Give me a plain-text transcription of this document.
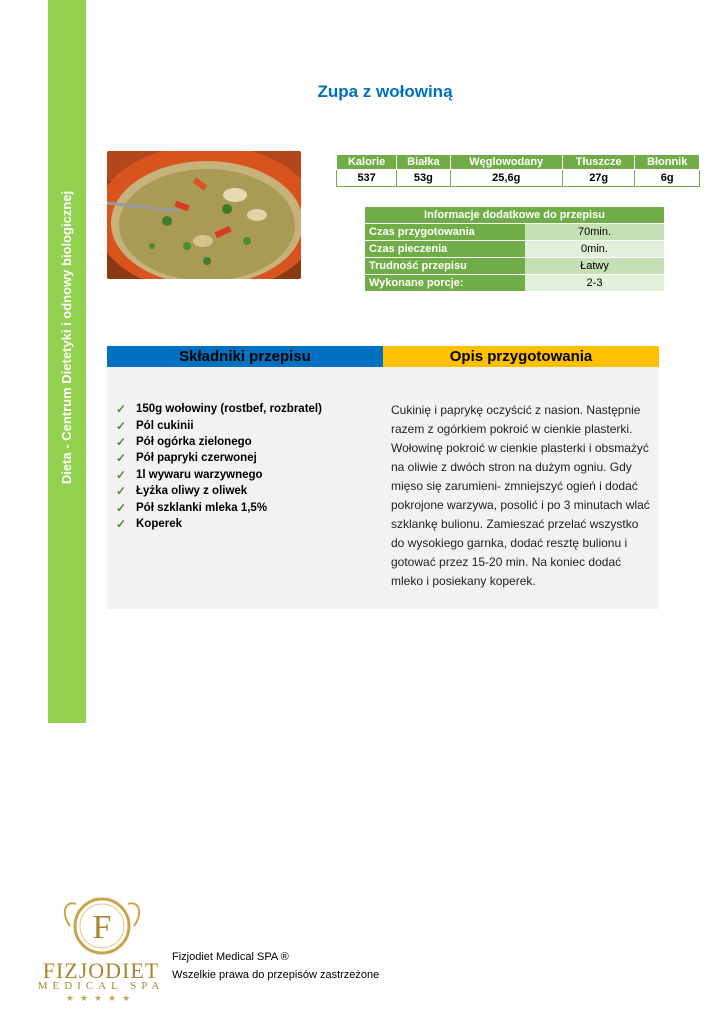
Dieta - Centrum Dietetyki i odnowy biologicznej
Zupa z wołowiną
Kalorie	Białka	Węglowodany	Tłuszcze	Błonnik
537	53g	25,6g	27g	6g
Informacje dodatkowe do przepisu	
Czas przygotowania	70min.
Czas pieczenia	0min.
Trudność przepisu	Łatwy
Wykonane porcje:	2-3
Składniki przepisu	Opis przygotowania
✓ 150g wołowiny (rostbef, rozbratel)
✓ Pól cukinii
✓ Pół ogórka zielonego
✓ Pół papryki czerwonej
✓ 1l wywaru warzywnego
✓ Łyżka oliwy z oliwek
✓ Pół szklanki mleka 1,5%
✓ Koperek

Cukinię i paprykę oczyścić z nasion. Następnie razem z ogórkiem pokroić w cienkie plasterki. Wołowinę pokroić w cienkie plasterki i obsmażyć na oliwie z dwóch stron na dużym ogniu. Gdy mięso się zarumieni- zmniejszyć ogień i dodać pokrojone warzywa, posolić i po 3 minutach wlać szklankę bulionu. Zamieszać przelać wszystko do wysokiego garnka, dodać resztę bulionu i gotować przez 15-20 min. Na koniec dodać mleko i posiekany koperek.

F
FIZJODIET
MEDICAL SPA
★★★★★
Fizjodiet Medical SPA ®
Wszelkie prawa do przepisów zastrzeżone
